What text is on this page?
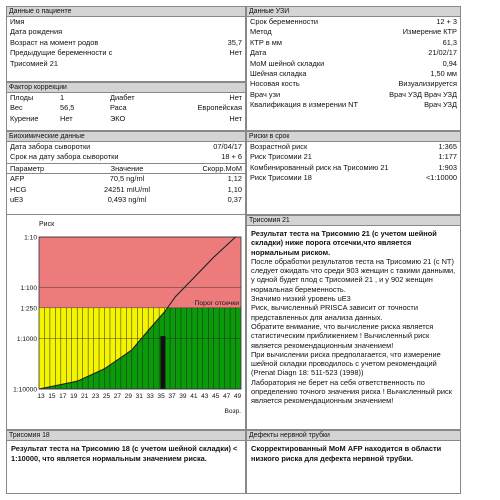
Данные о пациенте
Имя
Дата рождения
Возраст на момент родов	35,7
Предыдущие беременности с	Нет
Трисомией 21
Данные УЗИ
Срок беременности	12 + 3
Метод	Измерение КТР
КТР в мм	61,3
Дата	21/02/17
МоМ шейной складки	0,94
Шейная складка	1,50 мм
Носовая кость	Визуализируется
Врач узи	Врач УЗД Врач УЗД
Квалификация в измерении NT	Врач УЗД
Фактор коррекции
Плоды	1	Диабет	Нет
Вес	56,5	Раса	Европейская
Курение	Нет	ЭКО	Нет
Биохимические данные
Дата забора сыворотки	07/04/17
Срок на дату забора сыворотки	18 + 6
Параметр	Значение	Скорр.МоМ
AFP	70,5 ng/ml	1,12
HCG	24251 mIU/ml	1,10
uE3	0,493 ng/ml	0,37
Риски в срок
Возрастной риск	1:365
Риск Трисомии 21	1:177
Комбинированный риск на Трисомию 21	1:903
Риск Трисомии 18	<1:10000
Риск
Порог отсечки
1:10
1:100
1:250
1:1000
1:10000
13 15 17 19 21 23 25 27 29 31 33 35 37 39 41 43 45 47 49
Возр.
Трисомия 21
Результат теста на Трисомию 21 (с учетом шейной складки) ниже порога отсечки,что является нормальным риском.
После обработки результатов теста на Трисомию 21 (с NT) следует ожидать что среди 903 женщин с такими данными, у одной будет плод с Трисомией 21 , и у 902 женщин нормальная беременность.
Значимо низкий уровень uE3
Риск, вычисленный PRISCA зависит от точности представленных для анализа данных.
Обратите внимание, что вычисление риска является статистическим приближением ! Вычисленный риск является рекомендационным значением!
При вычислении риска предполагается, что измерение шейной складки проводилось с учетом рекомендаций (Prenat Diagn 18: 511-523 (1998))
Лаборатория не берет на себя ответственность по определению точного значения риска ! Вычисленный риск является рекомендационным значением!
Трисомия 18
Результат теста на Трисомию 18 (с учетом шейной складки) < 1:10000, что является нормальным значением риска.
Дефекты нервной трубки
Скорректированный МоМ AFP находится в области низкого риска для дефекта нервной трубки.
